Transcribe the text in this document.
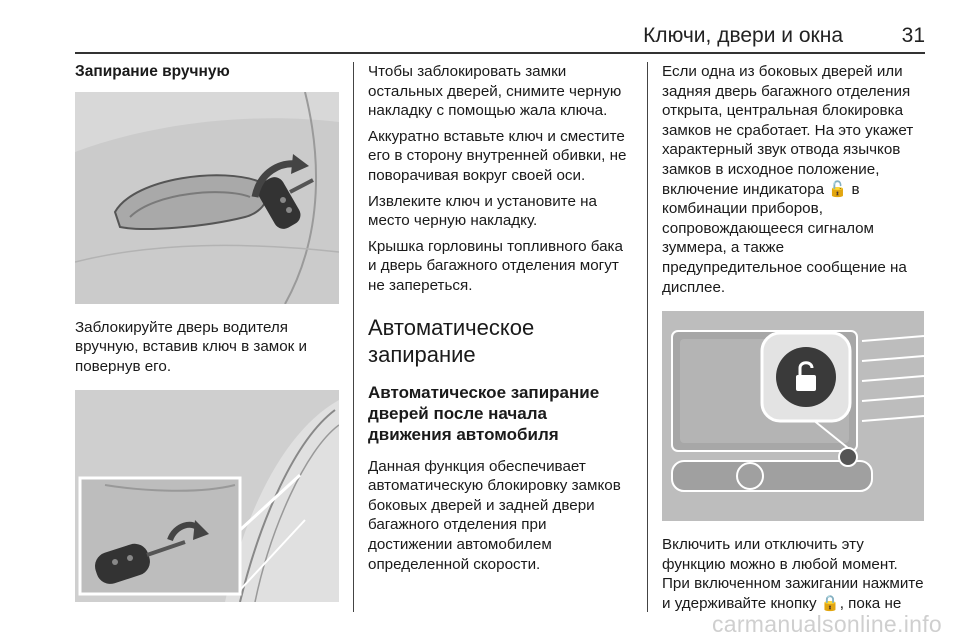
Ключи, двери и окна	31
Запирание вручную

Заблокируйте дверь водителя вручную, вставив ключ в замок и повернув его.

Чтобы заблокировать замки остальных дверей, снимите черную накладку с помощью жала ключа.

Аккуратно вставьте ключ и сместите его в сторону внутренней обивки, не поворачивая вокруг своей оси.

Извлеките ключ и установите на место черную накладку.

Крышка горловины топливного бака и дверь багажного отделения могут не запереться.

Автоматическое запирание
Автоматическое запирание дверей после начала движения автомобиля

Данная функция обеспечивает автоматическую блокировку замков боковых дверей и задней двери багажного отделения при достижении автомобилем определенной скорости.

Если одна из боковых дверей или задняя дверь багажного отделения открыта, центральная блокировка замков не сработает. На это укажет характерный звук отвода язычков замков в исходное положение, включение индикатора 🔓 в комбинации приборов, сопровождающееся сигналом зуммера, а также предупредительное сообщение на дисплее.

Включить или отключить эту функцию можно в любой момент. При включенном зажигании нажмите и удерживайте кнопку 🔒, пока не

carmanualsonline.info
